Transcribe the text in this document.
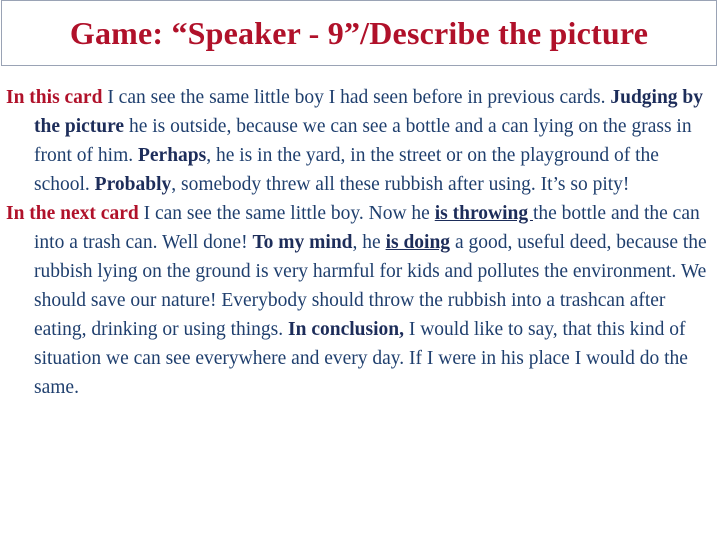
Game: “Speaker - 9”/Describe the picture

In this card I can see the same little boy I had seen before in previous cards. Judging by the picture he is outside, because we can see a bottle and a can lying on the grass in front of him. Perhaps, he is in the yard, in the street or on the playground of the school. Probably, somebody threw all these rubbish after using. It’s so pity!

In the next card I can see the same little boy. Now he is throwing the bottle and the can into a trash can. Well done! To my mind, he is doing a good, useful deed, because the rubbish lying on the ground is very harmful for kids and pollutes the environment. We should save our nature! Everybody should throw the rubbish into a trashcan after eating, drinking or using things. In conclusion, I would like to say, that this kind of situation we can see everywhere and every day. If I were in his place I would do the same.
